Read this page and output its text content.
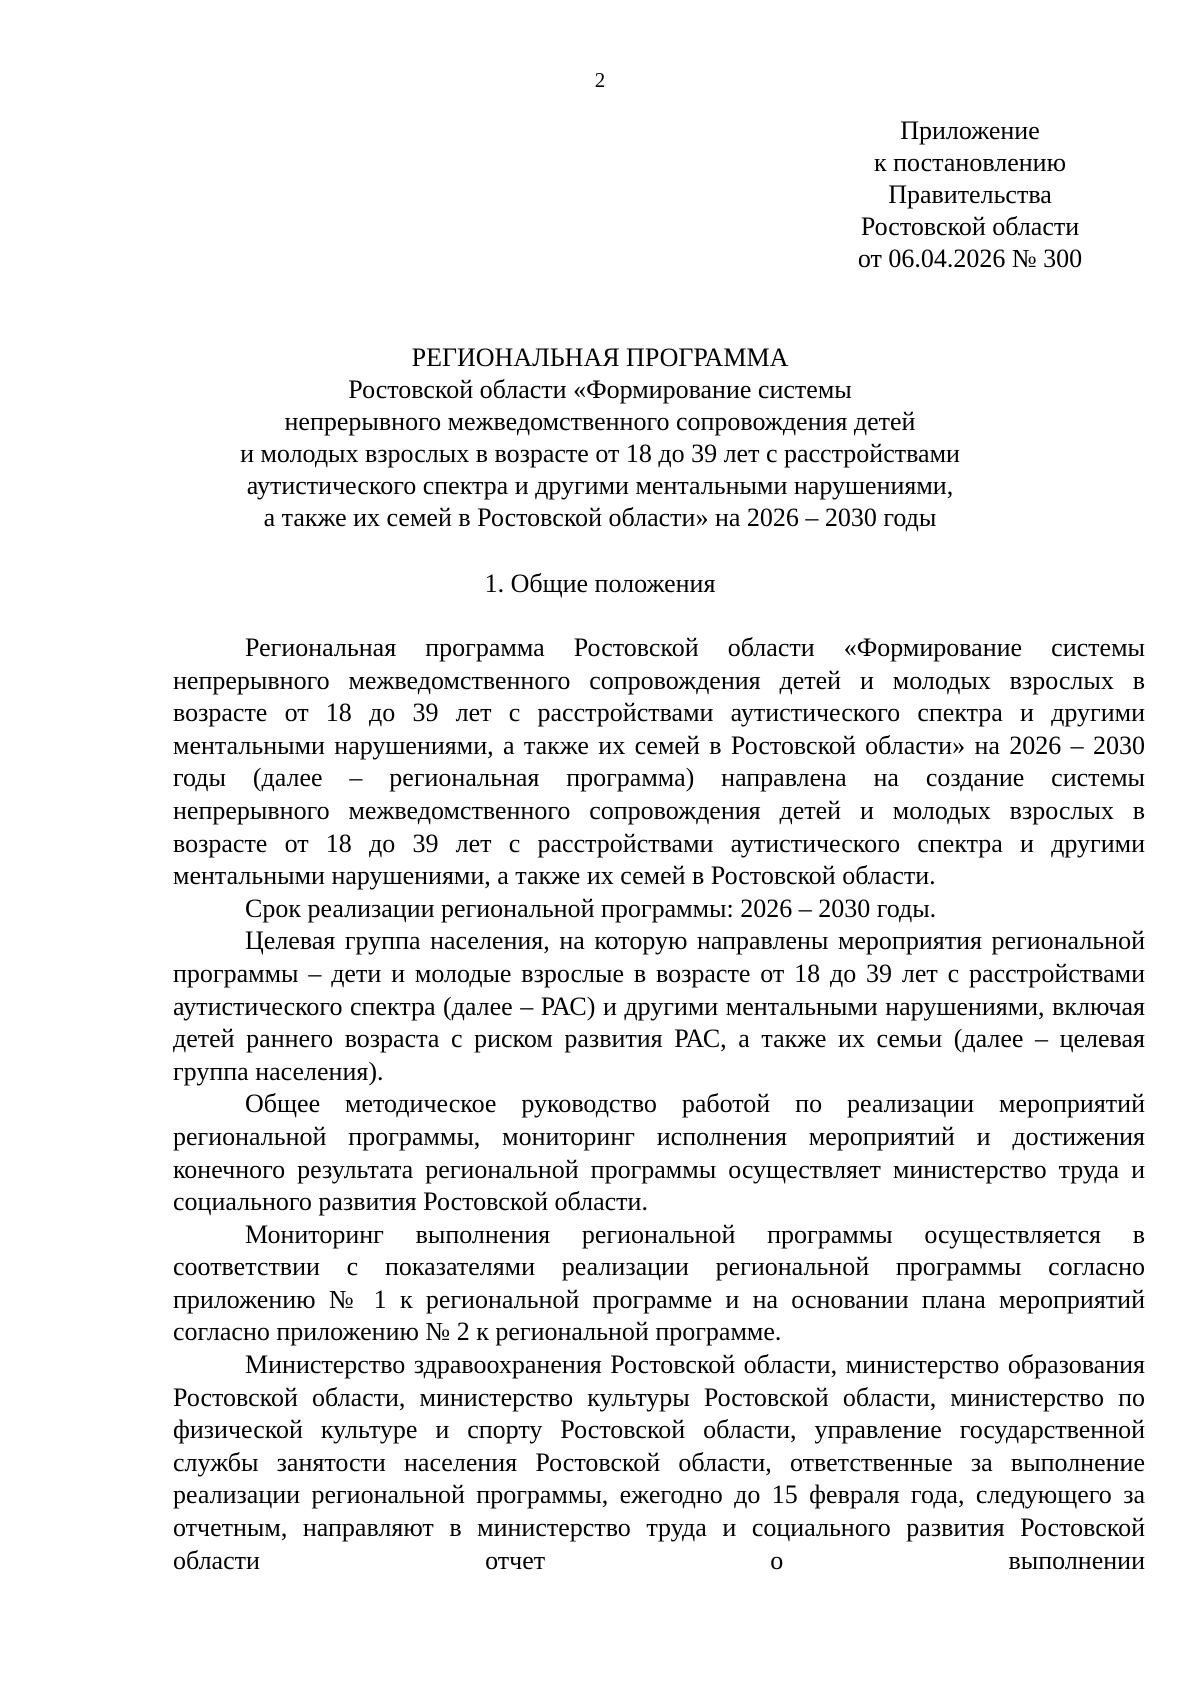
2
Приложение
к постановлению
Правительства
Ростовской области
от 06.04.2026 № 300
РЕГИОНАЛЬНАЯ ПРОГРАММА
Ростовской области «Формирование системы
непрерывного межведомственного сопровождения детей
и молодых взрослых в возрасте от 18 до 39 лет с расстройствами
аутистического спектра и другими ментальными нарушениями,
а также их семей в Ростовской области» на 2026 – 2030 годы
1. Общие положения

Региональная программа Ростовской области «Формирование системы непрерывного межведомственного сопровождения детей и молодых взрослых в возрасте от 18 до 39 лет с расстройствами аутистического спектра и другими ментальными нарушениями, а также их семей в Ростовской области» на 2026 – 2030 годы (далее – региональная программа) направлена на создание системы непрерывного межведомственного сопровождения детей и молодых взрослых в возрасте от 18 до 39 лет с расстройствами аутистического спектра и другими ментальными нарушениями, а также их семей в Ростовской области.

Срок реализации региональной программы: 2026 – 2030 годы.

Целевая группа населения, на которую направлены мероприятия региональной программы – дети и молодые взрослые в возрасте от 18 до 39 лет с расстройствами аутистического спектра (далее – РАС) и другими ментальными нарушениями, включая детей раннего возраста с риском развития РАС, а также их семьи (далее – целевая группа населения).

Общее методическое руководство работой по реализации мероприятий региональной программы, мониторинг исполнения мероприятий и достижения конечного результата региональной программы осуществляет министерство труда и социального развития Ростовской области.

Мониторинг выполнения региональной программы осуществляется в соответствии с показателями реализации региональной программы согласно приложению № 1 к региональной программе и на основании плана мероприятий согласно приложению № 2 к региональной программе.

Министерство здравоохранения Ростовской области, министерство образования Ростовской области, министерство культуры Ростовской области, министерство по физической культуре и спорту Ростовской области, управление государственной службы занятости населения Ростовской области, ответственные за выполнение реализации региональной программы, ежегодно до 15 февраля года, следующего за отчетным, направляют в министерство труда и социального развития Ростовской области отчет о выполнении
